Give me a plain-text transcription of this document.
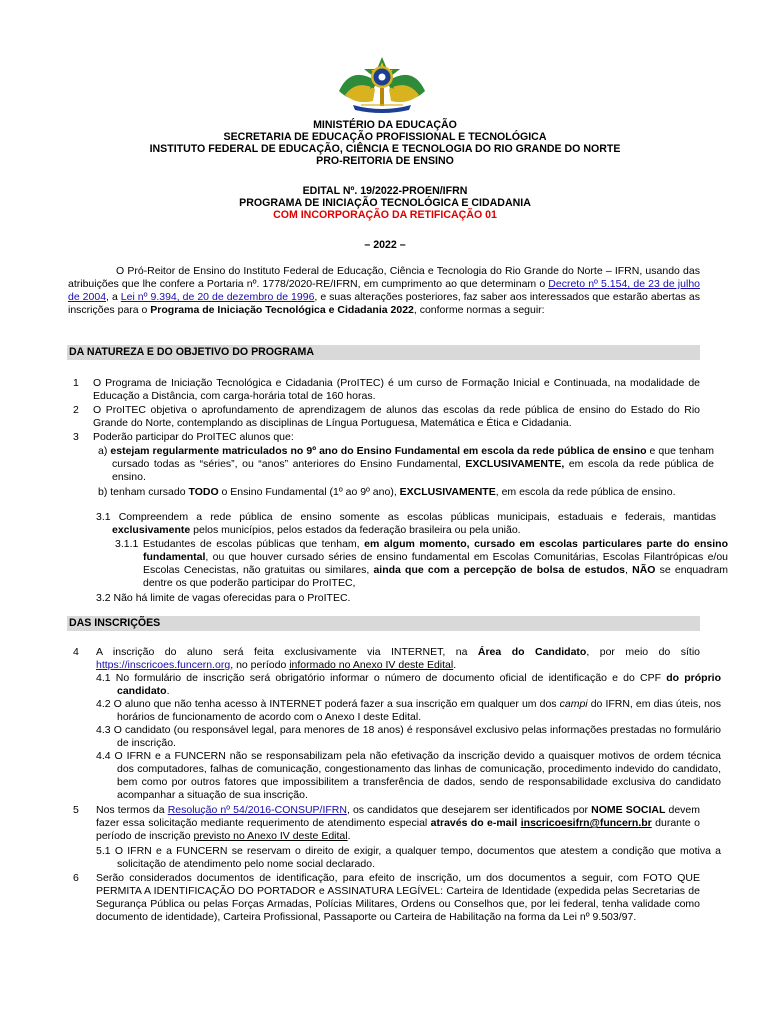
MINISTÉRIO DA EDUCAÇÃO
SECRETARIA DE EDUCAÇÃO PROFISSIONAL E TECNOLÓGICA
INSTITUTO FEDERAL DE EDUCAÇÃO, CIÊNCIA E TECNOLOGIA DO RIO GRANDE DO NORTE
PRO-REITORIA DE ENSINO
EDITAL Nº. 19/2022-PROEN/IFRN
PROGRAMA DE INICIAÇÃO TECNOLÓGICA E CIDADANIA
COM INCORPORAÇÃO DA RETIFICAÇÃO 01
– 2022 –
O Pró-Reitor de Ensino do Instituto Federal de Educação, Ciência e Tecnologia do Rio Grande do Norte – IFRN, usando das atribuições que lhe confere a Portaria nº. 1778/2020-RE/IFRN, em cumprimento ao que determinam o Decreto nº 5.154, de 23 de julho de 2004, a Lei nº 9.394, de 20 de dezembro de 1996, e suas alterações posteriores, faz saber aos interessados que estarão abertas as inscrições para o Programa de Iniciação Tecnológica e Cidadania 2022, conforme normas a seguir:
DA NATUREZA E DO OBJETIVO DO PROGRAMA
1 O Programa de Iniciação Tecnológica e Cidadania (ProITEC) é um curso de Formação Inicial e Continuada, na modalidade de Educação a Distância, com carga-horária total de 160 horas.
2 O ProITEC objetiva o aprofundamento de aprendizagem de alunos das escolas da rede pública de ensino do Estado do Rio Grande do Norte, contemplando as disciplinas de Língua Portuguesa, Matemática e Ética e Cidadania.
3 Poderão participar do ProITEC alunos que:
a) estejam regularmente matriculados no 9º ano do Ensino Fundamental em escola da rede pública de ensino e que tenham cursado todas as “séries”, ou “anos” anteriores do Ensino Fundamental, EXCLUSIVAMENTE, em escola da rede pública de ensino.
b) tenham cursado TODO o Ensino Fundamental (1º ao 9º ano), EXCLUSIVAMENTE, em escola da rede pública de ensino.
3.1 Compreendem a rede pública de ensino somente as escolas públicas municipais, estaduais e federais, mantidas exclusivamente pelos municípios, pelos estados da federação brasileira ou pela união.
3.1.1 Estudantes de escolas públicas que tenham, em algum momento, cursado em escolas particulares parte do ensino fundamental, ou que houver cursado séries de ensino fundamental em Escolas Comunitárias, Escolas Filantrópicas e/ou Escolas Cenecistas, não gratuitas ou similares, ainda que com a percepção de bolsa de estudos, NÃO se enquadram dentre os que poderão participar do ProITEC,
3.2 Não há limite de vagas oferecidas para o ProITEC.
DAS INSCRIÇÕES
4 A inscrição do aluno será feita exclusivamente via INTERNET, na Área do Candidato, por meio do sítio https://inscricoes.funcern.org, no período informado no Anexo IV deste Edital.
4.1 No formulário de inscrição será obrigatório informar o número de documento oficial de identificação e do CPF do próprio candidato.
4.2 O aluno que não tenha acesso à INTERNET poderá fazer a sua inscrição em qualquer um dos campi do IFRN, em dias úteis, nos horários de funcionamento de acordo com o Anexo I deste Edital.
4.3 O candidato (ou responsável legal, para menores de 18 anos) é responsável exclusivo pelas informações prestadas no formulário de inscrição.
4.4 O IFRN e a FUNCERN não se responsabilizam pela não efetivação da inscrição devido a quaisquer motivos de ordem técnica dos computadores, falhas de comunicação, congestionamento das linhas de comunicação, procedimento indevido do candidato, bem como por outros fatores que impossibilitem a transferência de dados, sendo de responsabilidade exclusiva do candidato acompanhar a situação de sua inscrição.
5 Nos termos da Resolução nº 54/2016-CONSUP/IFRN, os candidatos que desejarem ser identificados por NOME SOCIAL devem fazer essa solicitação mediante requerimento de atendimento especial através do e-mail inscricoesifrn@funcern.br durante o período de inscrição previsto no Anexo IV deste Edital.
5.1 O IFRN e a FUNCERN se reservam o direito de exigir, a qualquer tempo, documentos que atestem a condição que motiva a solicitação de atendimento pelo nome social declarado.
6 Serão considerados documentos de identificação, para efeito de inscrição, um dos documentos a seguir, com FOTO QUE PERMITA A IDENTIFICAÇÃO DO PORTADOR e ASSINATURA LEGÍVEL: Carteira de Identidade (expedida pelas Secretarias de Segurança Pública ou pelas Forças Armadas, Polícias Militares, Ordens ou Conselhos que, por lei federal, tenha validade como documento de identidade), Carteira Profissional, Passaporte ou Carteira de Habilitação na forma da Lei nº 9.503/97.
